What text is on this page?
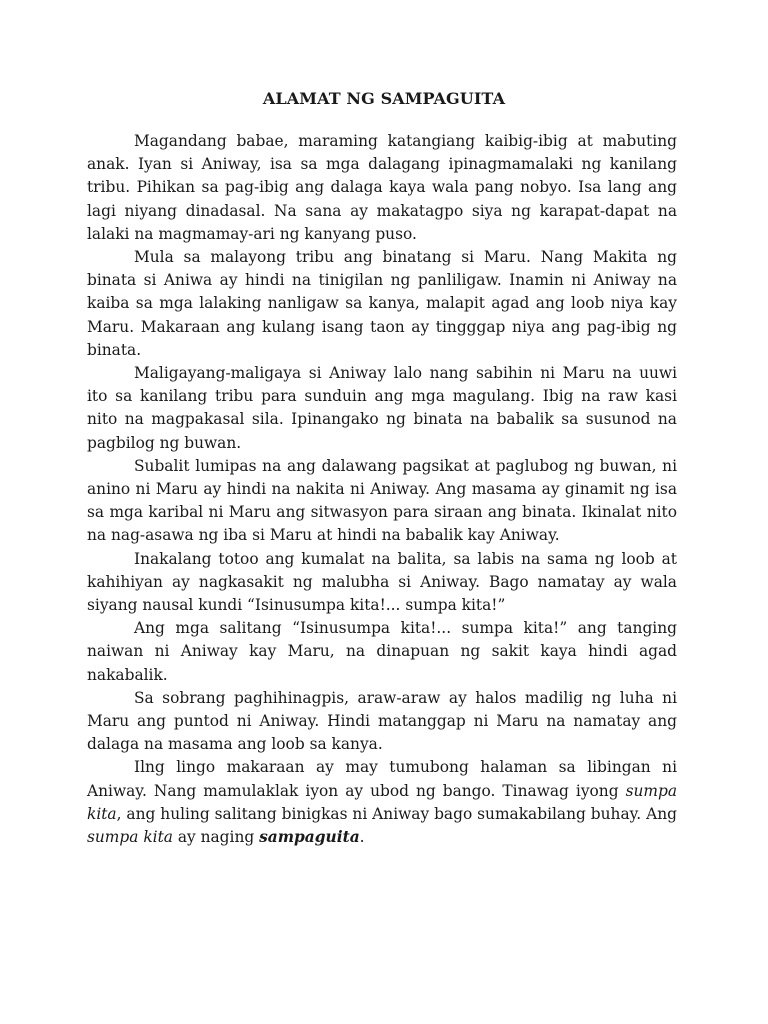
ALAMAT NG SAMPAGUITA

Magandang babae, maraming katangiang kaibig-ibig at mabuting anak. Iyan si Aniway, isa sa mga dalagang ipinagmamalaki ng kanilang tribu. Pihikan sa pag-ibig ang dalaga kaya wala pang nobyo. Isa lang ang lagi niyang dinadasal. Na sana ay makatagpo siya ng karapat-dapat na lalaki na magmamay-ari ng kanyang puso.

Mula sa malayong tribu ang binatang si Maru. Nang Makita ng binata si Aniwa ay hindi na tinigilan ng panliligaw. Inamin ni Aniway na kaiba sa mga lalaking nanligaw sa kanya, malapit agad ang loob niya kay Maru. Makaraan ang kulang isang taon ay tingggap niya ang pag-ibig ng binata.

Maligayang-maligaya si Aniway lalo nang sabihin ni Maru na uuwi ito sa kanilang tribu para sunduin ang mga magulang. Ibig na raw kasi nito na magpakasal sila. Ipinangako ng binata na babalik sa susunod na pagbilog ng buwan.

Subalit lumipas na ang dalawang pagsikat at paglubog ng buwan, ni anino ni Maru ay hindi na nakita ni Aniway. Ang masama ay ginamit ng isa sa mga karibal ni Maru ang sitwasyon para siraan ang binata. Ikinalat nito na nag-asawa ng iba si Maru at hindi na babalik kay Aniway.

Inakalang totoo ang kumalat na balita, sa labis na sama ng loob at kahihiyan ay nagkasakit ng malubha si Aniway. Bago namatay ay wala siyang nausal kundi “Isinusumpa kita!... sumpa kita!”

Ang mga salitang “Isinusumpa kita!... sumpa kita!” ang tanging naiwan ni Aniway kay Maru, na dinapuan ng sakit kaya hindi agad nakabalik.

Sa sobrang paghihinagpis, araw-araw ay halos madilig ng luha ni Maru ang puntod ni Aniway. Hindi matanggap ni Maru na namatay ang dalaga na masama ang loob sa kanya.

Ilng lingo makaraan ay may tumubong halaman sa libingan ni Aniway. Nang mamulaklak iyon ay ubod ng bango. Tinawag iyong sumpa kita, ang huling salitang binigkas ni Aniway bago sumakabilang buhay. Ang sumpa kita ay naging sampaguita.
